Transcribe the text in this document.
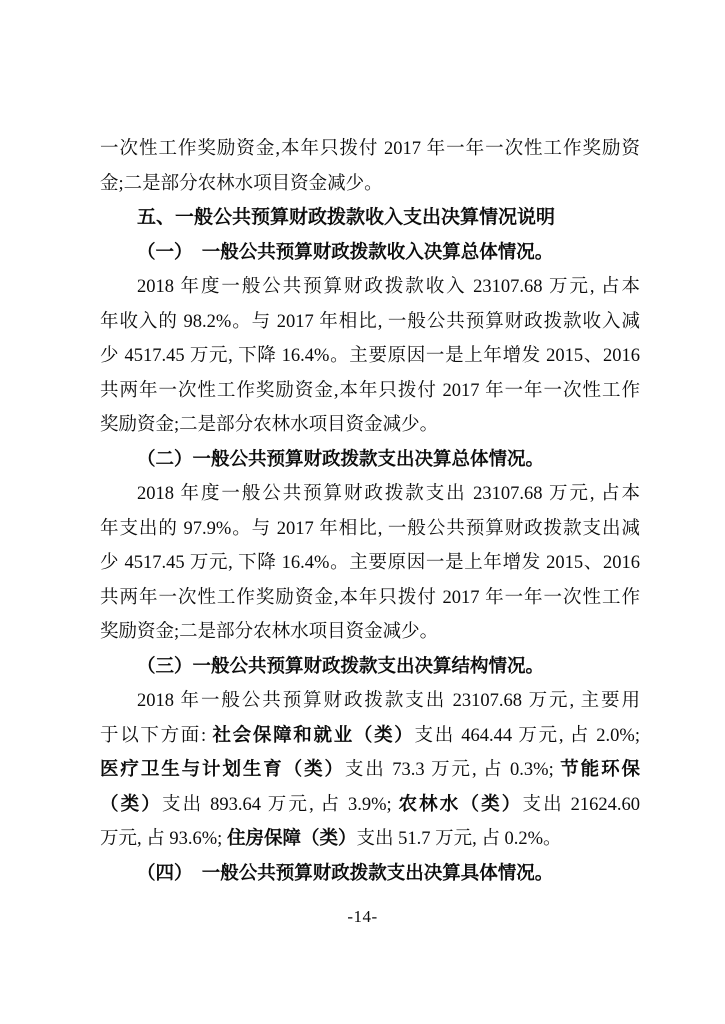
一次性工作奖励资金,本年只拨付 2017 年一年一次性工作奖励资
金;二是部分农林水项目资金减少。
五、一般公共预算财政拨款收入支出决算情况说明
（一）　一般公共预算财政拨款收入决算总体情况。
2018 年度一般公共预算财政拨款收入 23107.68 万元, 占本
年收入的 98.2%。与 2017 年相比, 一般公共预算财政拨款收入减
少 4517.45 万元, 下降 16.4%。主要原因一是上年增发 2015、2016
共两年一次性工作奖励资金,本年只拨付 2017 年一年一次性工作
奖励资金;二是部分农林水项目资金减少。
（二）一般公共预算财政拨款支出决算总体情况。
2018 年度一般公共预算财政拨款支出 23107.68 万元, 占本
年支出的 97.9%。与 2017 年相比, 一般公共预算财政拨款支出减
少 4517.45 万元, 下降 16.4%。主要原因一是上年增发 2015、2016
共两年一次性工作奖励资金,本年只拨付 2017 年一年一次性工作
奖励资金;二是部分农林水项目资金减少。
（三）一般公共预算财政拨款支出决算结构情况。
2018 年一般公共预算财政拨款支出 23107.68 万元, 主要用
于以下方面: 社会保障和就业（类）支出 464.44 万元, 占 2.0%;
医疗卫生与计划生育（类）支出 73.3 万元, 占 0.3%; 节能环保
（类）支出 893.64 万元, 占 3.9%; 农林水（类）支出 21624.60
万元, 占 93.6%; 住房保障（类）支出 51.7 万元, 占 0.2%。
（四）　一般公共预算财政拨款支出决算具体情况。
-14-
